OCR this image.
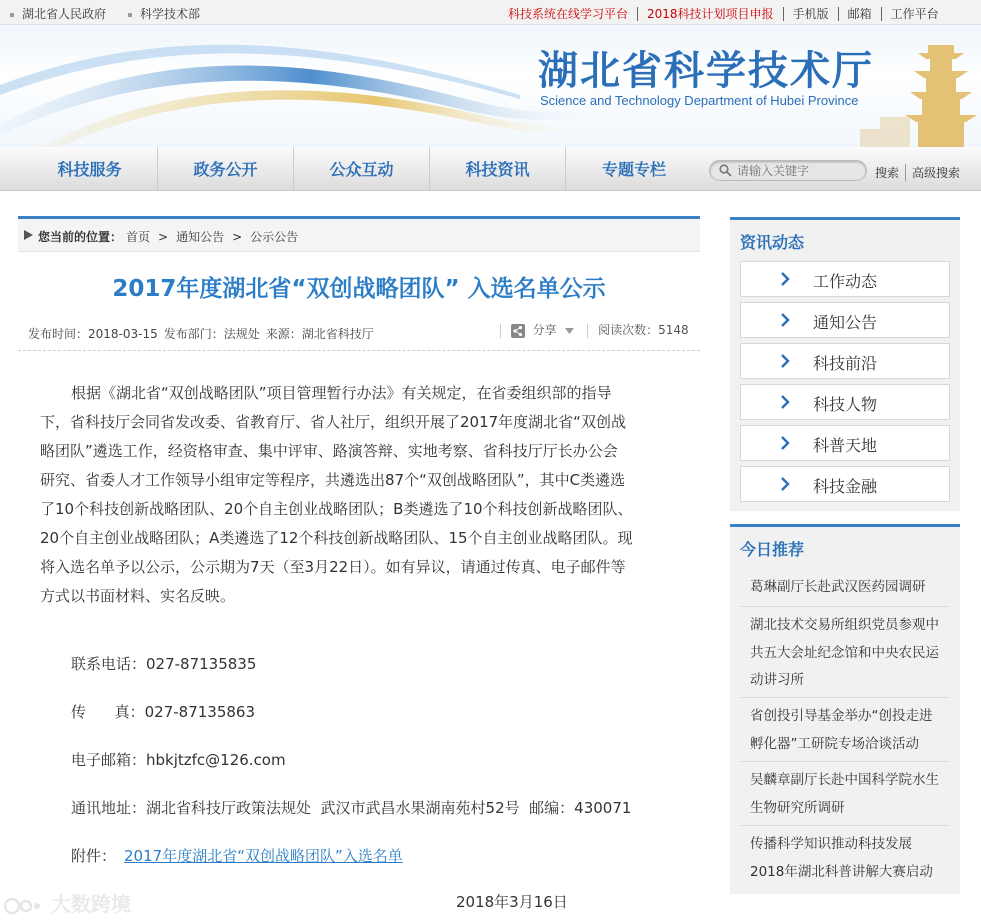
湖北省人民政府	科学技术部	科技系统在线学习平台 2018科技计划项目申报 手机版 邮箱 工作平台
湖北省科学技术厅
Science and Technology Department of Hubei Province
科技服务	政务公开	公众互动	科技资讯	专题专栏
请输入关键字	搜索	高级搜索
您当前的位置： 首页 > 通知公告 > 公示公告
2017年度湖北省“双创战略团队” 入选名单公示
发布时间：2018-03-15 发布部门：法规处 来源：湖北省科技厅	分享	阅读次数：5148
根据《湖北省“双创战略团队”项目管理暂行办法》有关规定，在省委组织部的指导
下，省科技厅会同省发改委、省教育厅、省人社厅，组织开展了2017年度湖北省“双创战
略团队”遴选工作，经资格审查、集中评审、路演答辩、实地考察、省科技厅厅长办公会
研究、省委人才工作领导小组审定等程序，共遴选出87个“双创战略团队”，其中C类遴选
了10个科技创新战略团队、20个自主创业战略团队；B类遴选了10个科技创新战略团队、
20个自主创业战略团队；A类遴选了12个科技创新战略团队、15个自主创业战略团队。现
将入选名单予以公示，公示期为7天（至3月22日）。如有异议，请通过传真、电子邮件等
方式以书面材料、实名反映。
联系电话：027-87135835
传      真：027-87135863
电子邮箱：hbkjtzfc@126.com
通讯地址：湖北省科技厅政策法规处  武汉市武昌水果湖南苑村52号  邮编：430071
附件： 2017年度湖北省“双创战略团队”入选名单
2018年3月16日
资讯动态
工作动态
通知公告
科技前沿
科技人物
科普天地
科技金融
今日推荐
葛琳副厅长赴武汉医药园调研
湖北技术交易所组织党员参观中
共五大会址纪念馆和中央农民运
动讲习所
省创投引导基金举办“创投走进
孵化器”工研院专场洽谈活动
吴麟章副厅长赴中国科学院水生
生物研究所调研
传播科学知识推动科技发展
2018年湖北科普讲解大赛启动
大数跨境
